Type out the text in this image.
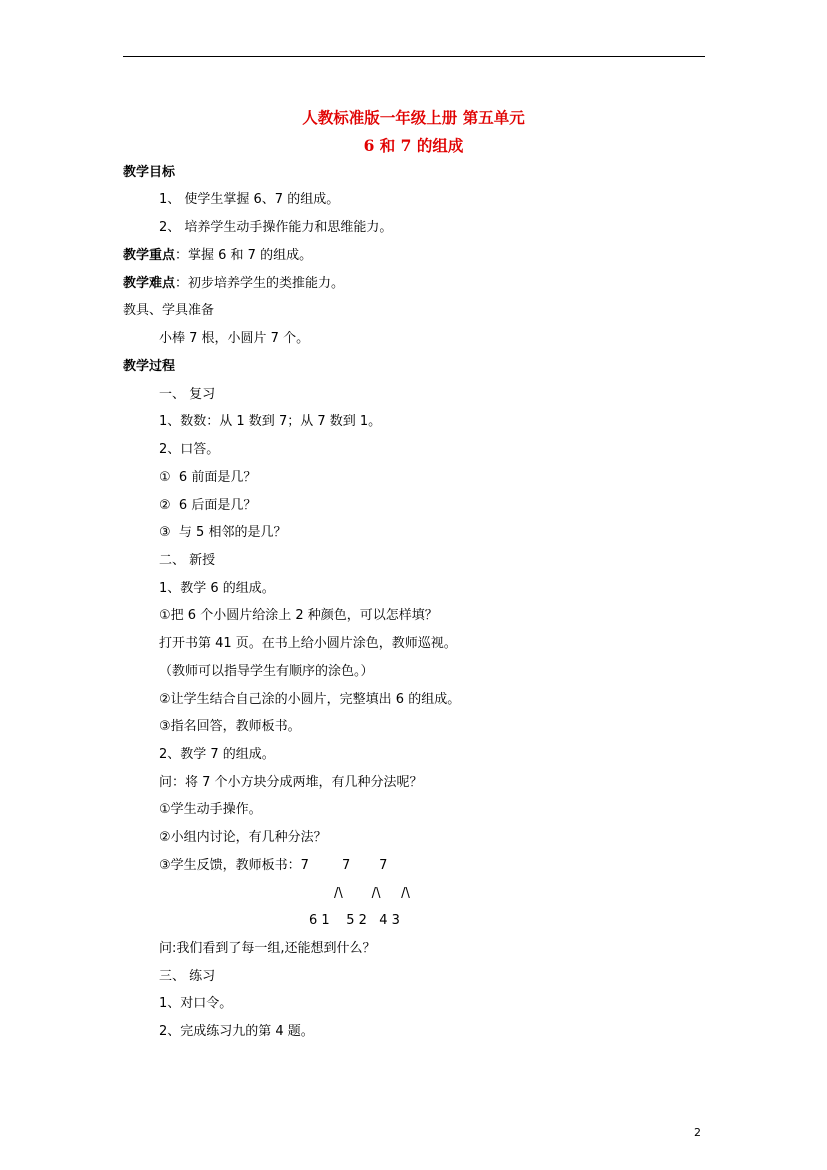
人教标准版一年级上册 第五单元
6 和 7 的组成
教学目标
1、 使学生掌握 6、7 的组成。
2、 培养学生动手操作能力和思维能力。
教学重点：掌握 6 和 7 的组成。
教学难点：初步培养学生的类推能力。
教具、学具准备
小棒 7 根，小圆片 7 个。
教学过程
一、 复习
1、数数：从 1 数到 7；从 7 数到 1。
2、口答。
①  6 前面是几？
②  6 后面是几？
③  与 5 相邻的是几？
二、 新授
1、教学 6 的组成。
①把 6 个小圆片给涂上 2 种颜色，可以怎样填？
打开书第 41 页。在书上给小圆片涂色，教师巡视。
（教师可以指导学生有顺序的涂色。）
②让学生结合自己涂的小圆片，完整填出 6 的组成。
③指名回答，教师板书。
2、教学 7 的组成。
问：将 7 个小方块分成两堆，有几种分法呢？
①学生动手操作。
②小组内讨论，有几种分法？
③学生反馈，教师板书：7        7       7
/\       /\     /\
6 1    5 2   4 3
问:我们看到了每一组,还能想到什么？
三、 练习
1、对口令。
2、完成练习九的第 4 题。
2
